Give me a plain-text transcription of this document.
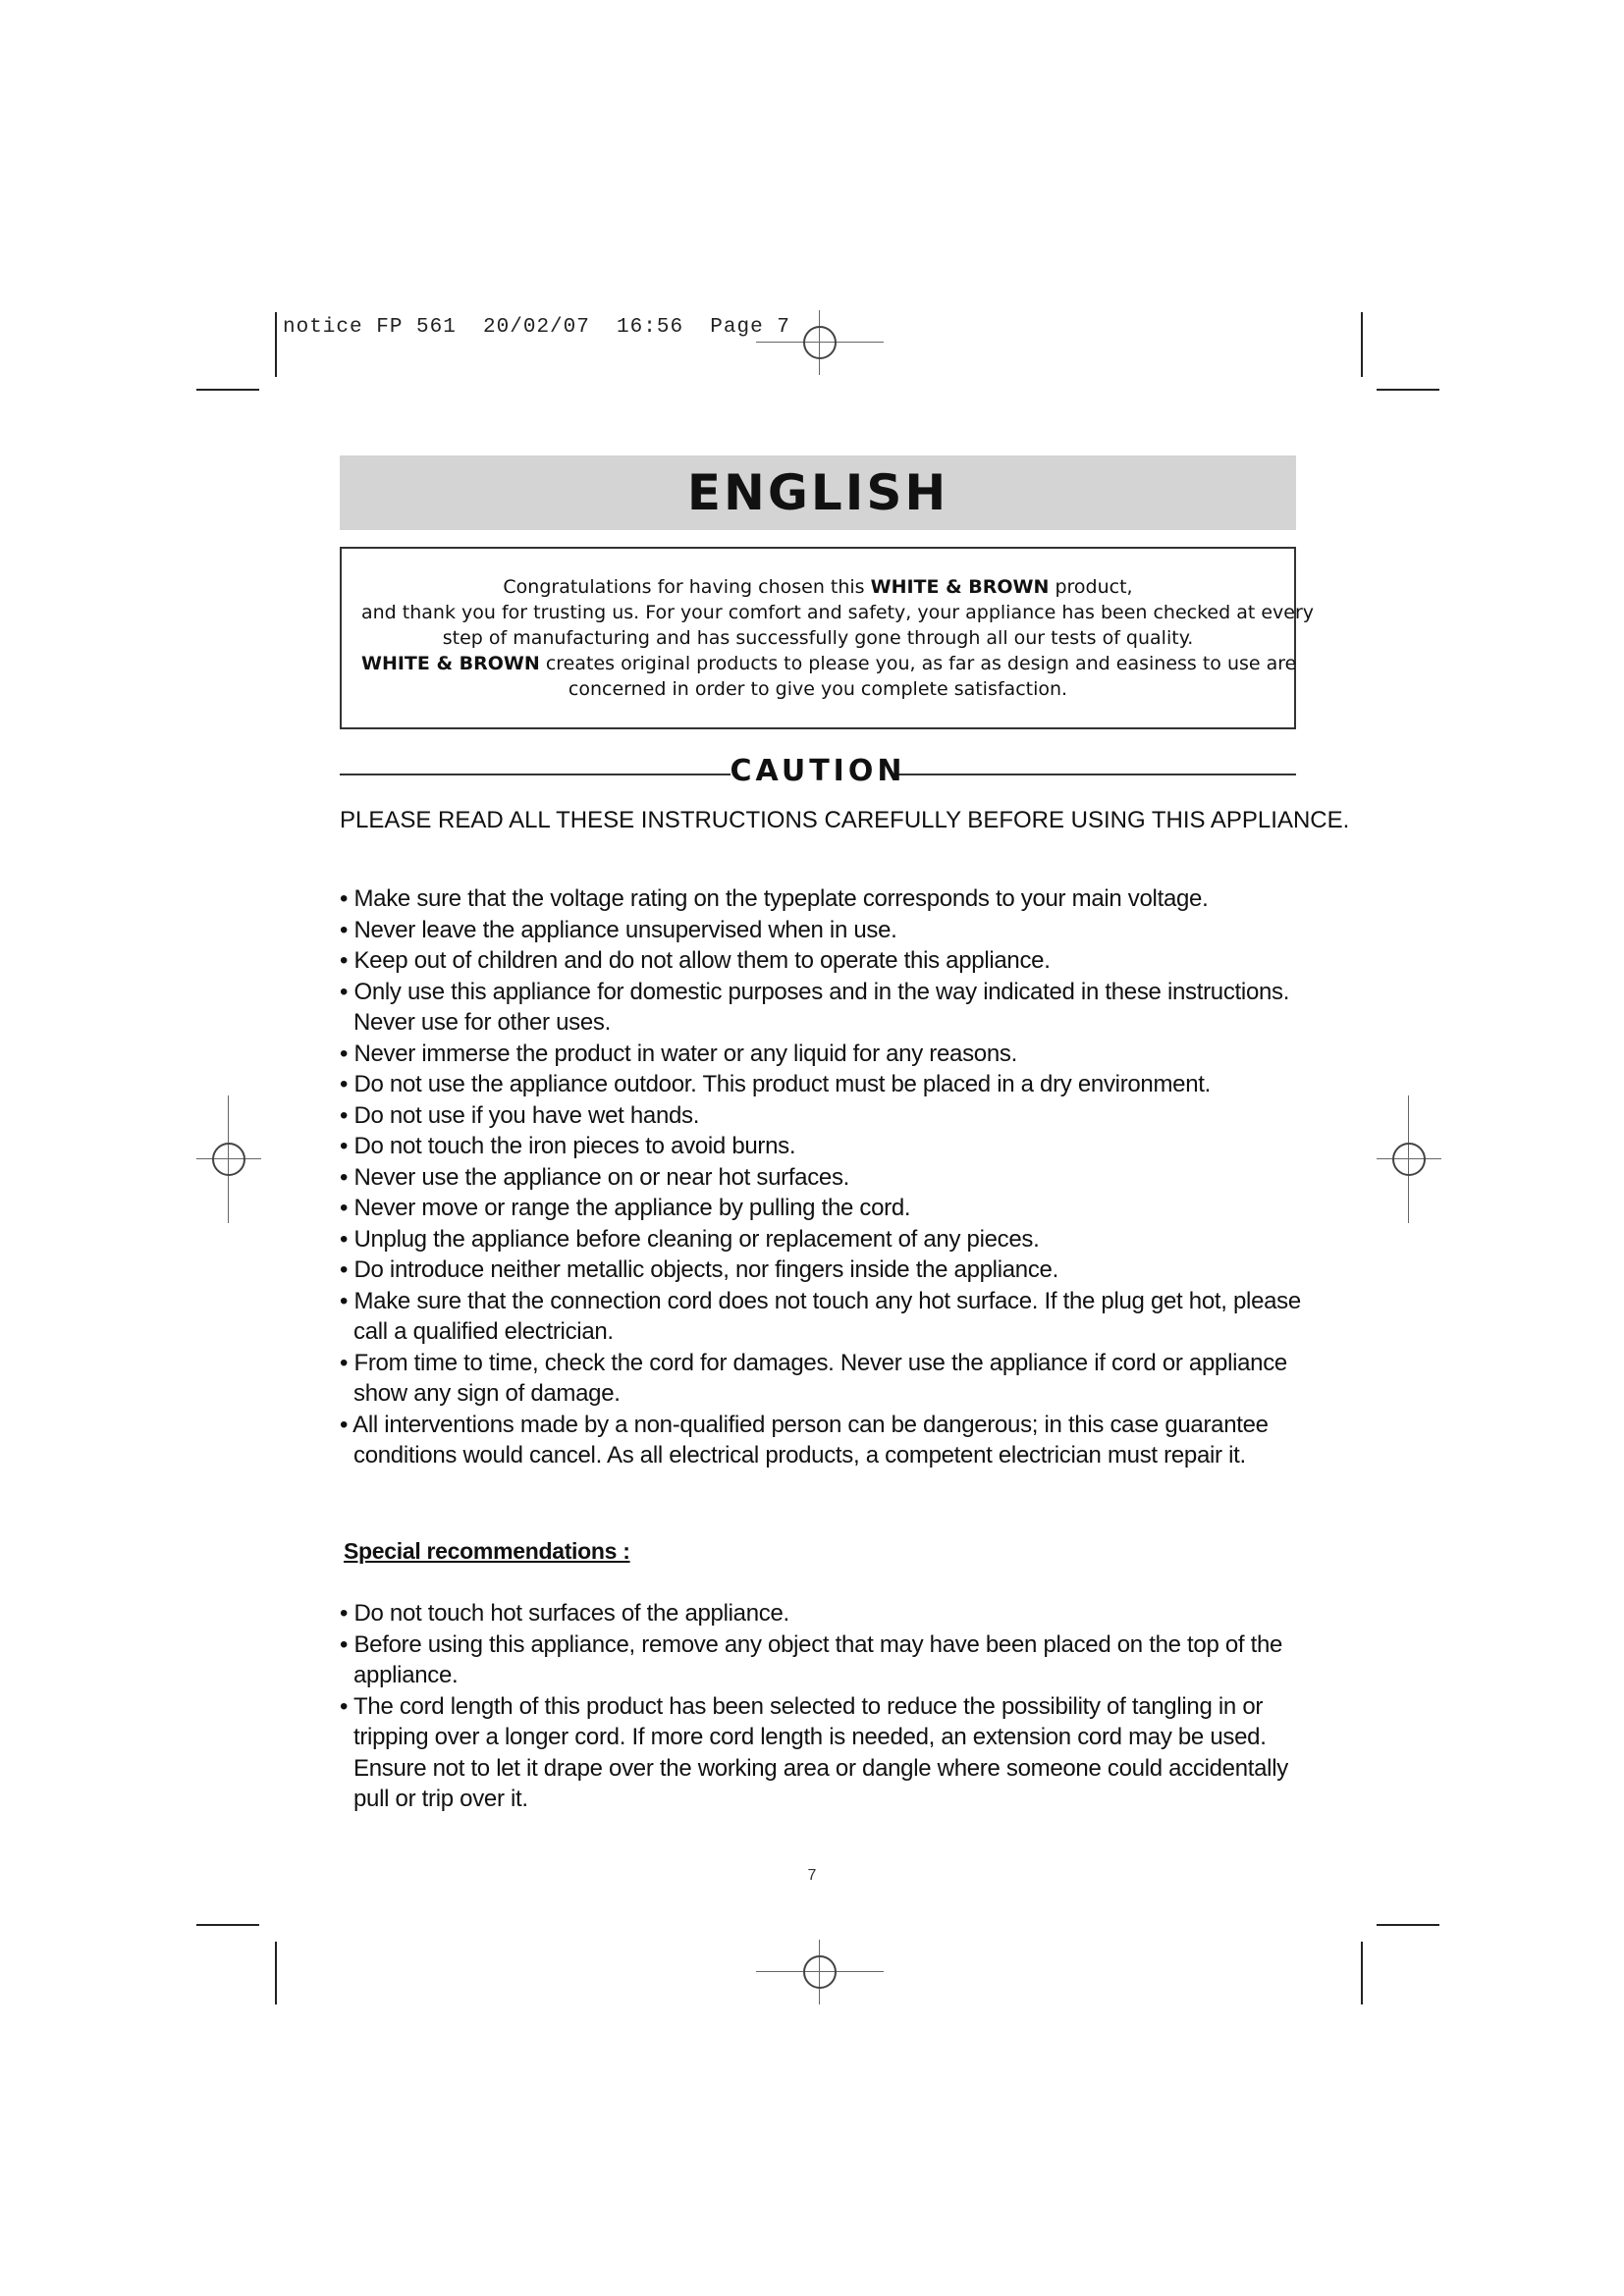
notice FP 561  20/02/07  16:56  Page 7
ENGLISH
Congratulations for having chosen this WHITE & BROWN product,
and thank you for trusting us. For your comfort and safety, your appliance has been checked at every
step of manufacturing and has successfully gone through all our tests of quality.
WHITE & BROWN creates original products to please you, as far as design and easiness to use are
concerned in order to give you complete satisfaction.
CAUTION
PLEASE READ ALL THESE INSTRUCTIONS CAREFULLY BEFORE USING THIS APPLIANCE.
• Make sure that the voltage rating on the typeplate corresponds to your main voltage.
• Never leave the appliance unsupervised when in use.
• Keep out of children and do not allow them to operate this appliance.
• Only use this appliance for domestic purposes and in the way indicated in these instructions.
Never use for other uses.
• Never immerse the product in water or any liquid for any reasons.
• Do not use the appliance outdoor. This product must be placed in a dry environment.
• Do not use if you have wet hands.
• Do not touch the iron pieces to avoid burns.
• Never use the appliance on or near hot surfaces.
• Never move or range the appliance by pulling the cord.
• Unplug the appliance before cleaning or replacement of any pieces.
• Do introduce neither metallic objects, nor fingers inside the appliance.
• Make sure that the connection cord does not touch any hot surface. If the plug get hot, please
call a qualified electrician.
• From time to time, check the cord for damages. Never use the appliance if cord or appliance
show any sign of damage.
• All interventions made by a non-qualified person can be dangerous; in this case guarantee
conditions would cancel. As all electrical products, a competent electrician must repair it.
Special recommendations :
• Do not touch hot surfaces of the appliance.
• Before using this appliance, remove any object that may have been placed on the top of the
appliance.
• The cord length of this product has been selected to reduce the possibility of tangling in or
tripping over a longer cord. If more cord length is needed, an extension cord may be used.
Ensure not to let it drape over the working area or dangle where someone could accidentally
pull or trip over it.
7
